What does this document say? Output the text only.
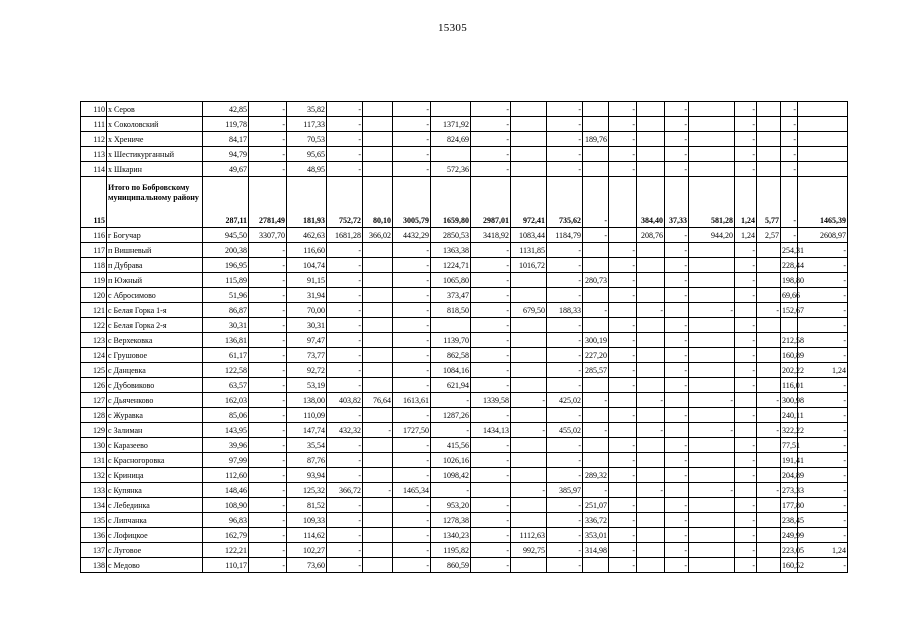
15305
110	х Серов	42,85	-	35,82	-		-		-		-		-		-		-		-	
111	х Соколовский	119,78	-	117,33	-		-	1371,92	-		-		-		-		-		-	
112	х Хрениче	84,17	-	70,53	-		-	824,69	-		-	189,76	-		-		-		-	
113	х Шестикурганный	94,79	-	95,65	-		-		-		-		-		-		-		-	
114	х Шкарин	49,67	-	48,95	-		-	572,36	-		-		-		-		-		-	
115	Итого по Бобровскому муниципальному району	287,11	2781,49	181,93	752,72	80,10	3005,79	1659,80	2987,01	972,41	735,62	-		384,40	37,33	581,28	1,24	5,77	-	1465,39
116	г Богучар	945,50	3307,70	462,63	1681,28	366,02	4432,29	2850,53	3418,92	1083,44	1184,79	-		208,76	-	944,20	1,24	2,57	-	2608,97
117	п Вишневый	200,38	-	116,60	-		-	1363,38	-	1131,85	-		-		-		-		254,31	-
118	п Дубрава	196,95	-	104,74	-		-	1224,71	-	1016,72	-		-		-		-		228,44	-
119	п Южный	115,89	-	91,15	-		-	1065,80	-		-	280,73	-		-		-		198,80	-
120	с Абросимово	51,96	-	31,94	-		-	373,47	-		-		-		-		-		69,66	-
121	с Белая Горка 1-я	86,87	-	70,00	-		-	818,50	-	679,50	188,33	-		-		-		-	152,67	-
122	с Белая Горка 2-я	30,31	-	30,31	-		-		-		-		-		-		-			-
123	с Верхековка	136,81	-	97,47	-		-	1139,70	-		-	300,19	-		-		-		212,58	-
124	с Грушовое	61,17	-	73,77	-		-	862,58	-		-	227,20	-		-		-		160,89	-
125	с Данцевка	122,58	-	92,72	-		-	1084,16	-		-	285,57	-		-		-		202,22	1,24
126	с Дубовиково	63,57	-	53,19	-		-	621,94	-		-		-		-		-		116,01	-
127	с Дьяченково	162,03	-	138,00	403,82	76,64	1613,61	-	1339,58	-	425,02	-		-		-		-	300,98	-
128	с Журавка	85,06	-	110,09	-		-	1287,26	-		-		-		-		-		240,11	-
129	с Залиман	143,95	-	147,74	432,32	-	1727,50	-	1434,13	-	455,02	-		-		-		-	322,22	-
130	с Каразеево	39,96	-	35,54	-		-	415,56	-		-		-		-		-		77,51	-
131	с Красногоровка	97,99	-	87,76	-		-	1026,16	-		-		-		-		-		191,41	-
132	с Криница	112,60	-	93,94	-		-	1098,42	-		-	289,32	-		-		-		204,89	-
133	с Купянка	148,46	-	125,32	366,72	-	1465,34	-		-	385,97	-		-		-		-	273,33	-
134	с Лебединка	108,90	-	81,52	-		-	953,20	-		-	251,07	-		-		-		177,80	-
135	с Липчанка	96,83	-	109,33	-		-	1278,38	-		-	336,72	-		-		-		238,45	-
136	с Лофицкое	162,79	-	114,62	-		-	1340,23	-	1112,63	-	353,01	-		-		-		249,99	-
137	с Луговое	122,21	-	102,27	-		-	1195,82	-	992,75	-	314,98	-		-		-		223,05	1,24
138	с Медово	110,17	-	73,60	-		-	860,59	-		-		-		-		-		160,52	-
